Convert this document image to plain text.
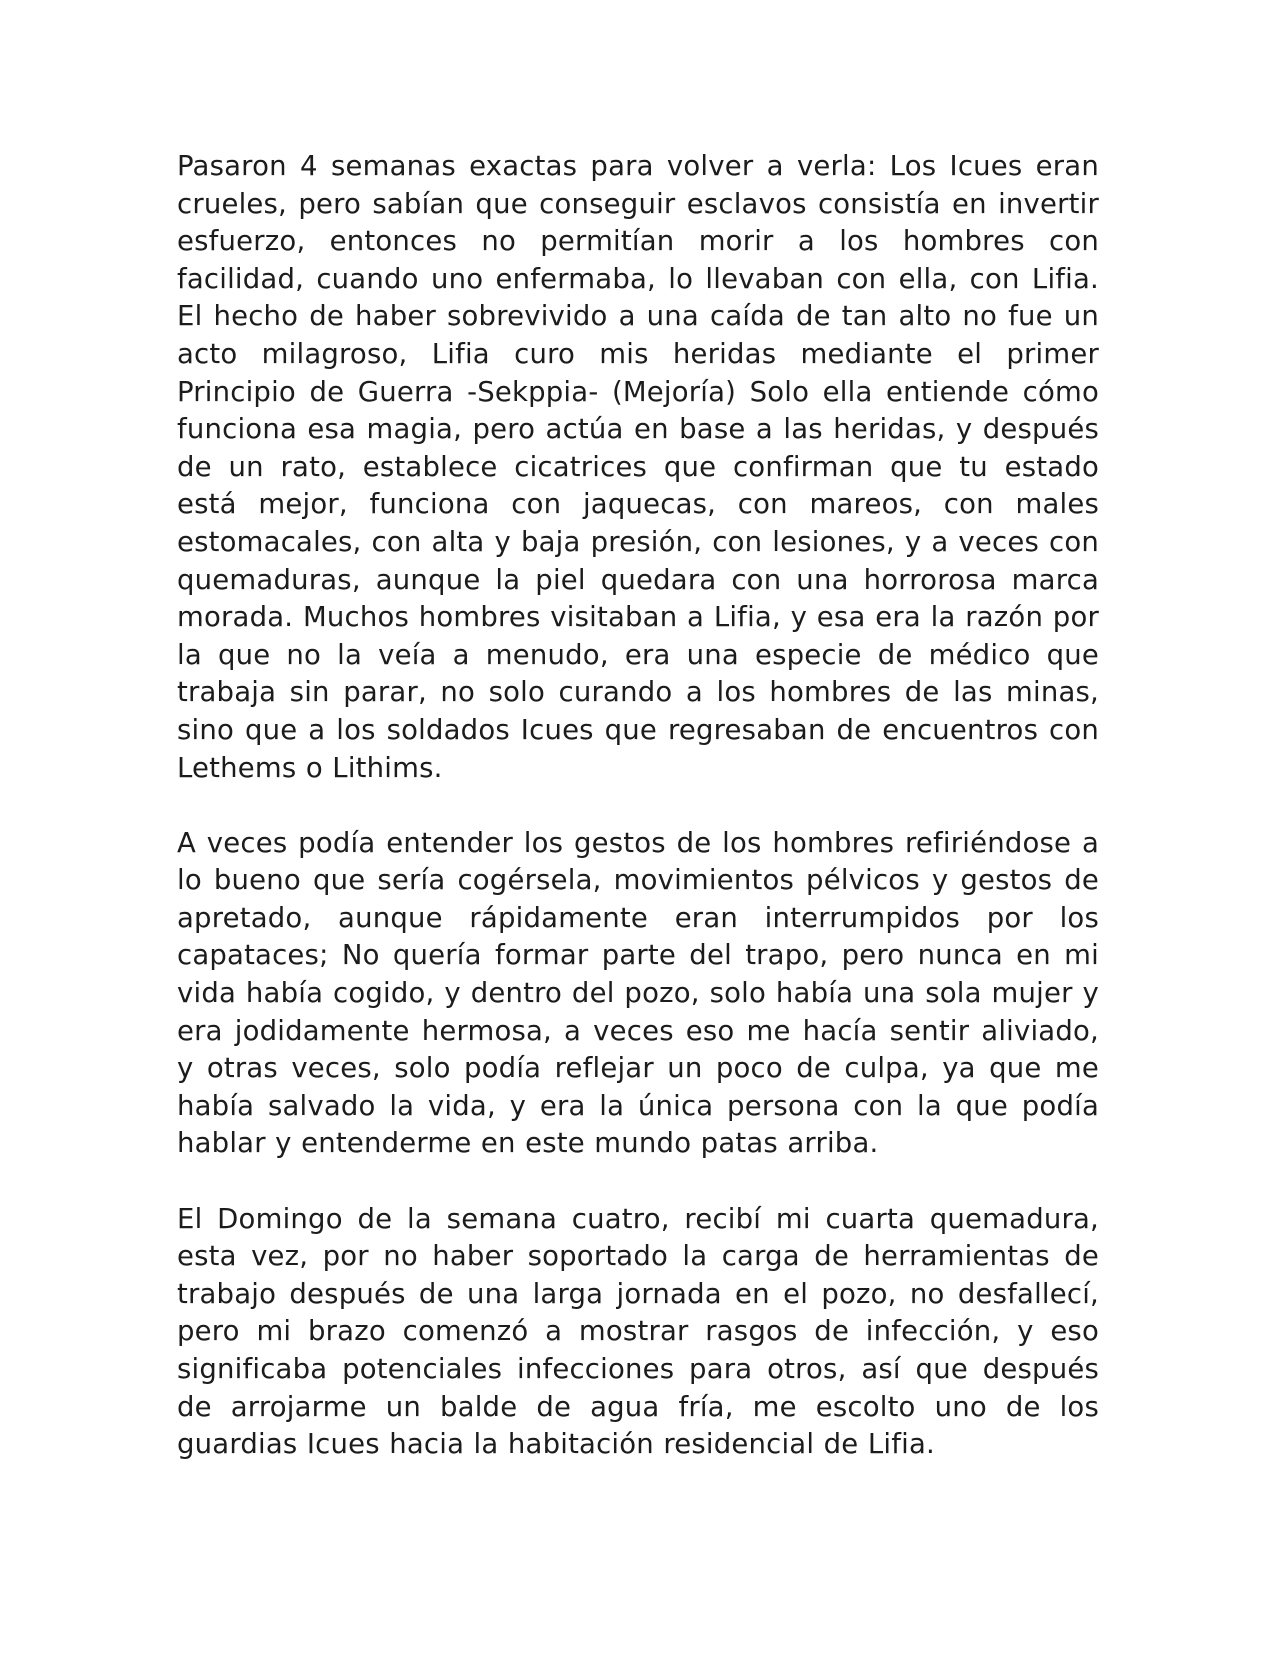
Pasaron 4 semanas exactas para volver a verla: Los Icues eran crueles, pero sabían que conseguir esclavos consistía en invertir esfuerzo, entonces no permitían morir a los hombres con facilidad, cuando uno enfermaba, lo llevaban con ella, con Lifia. El hecho de haber sobrevivido a una caída de tan alto no fue un acto milagroso, Lifia curo mis heridas mediante el primer Principio de Guerra -Sekppia- (Mejoría) Solo ella entiende cómo funciona esa magia, pero actúa en base a las heridas, y después de un rato, establece cicatrices que confirman que tu estado está mejor, funciona con jaquecas, con mareos, con males estomacales, con alta y baja presión, con lesiones, y a veces con quemaduras, aunque la piel quedara con una horrorosa marca morada. Muchos hombres visitaban a Lifia, y esa era la razón por la que no la veía a menudo, era una especie de médico que trabaja sin parar, no solo curando a los hombres de las minas, sino que a los soldados Icues que regresaban de encuentros con Lethems o Lithims.

A veces podía entender los gestos de los hombres refiriéndose a lo bueno que sería cogérsela, movimientos pélvicos y gestos de apretado, aunque rápidamente eran interrumpidos por los capataces; No quería formar parte del trapo, pero nunca en mi vida había cogido, y dentro del pozo, solo había una sola mujer y era jodidamente hermosa, a veces eso me hacía sentir aliviado, y otras veces, solo podía reflejar un poco de culpa, ya que me había salvado la vida, y era la única persona con la que podía hablar y entenderme en este mundo patas arriba.

El Domingo de la semana cuatro, recibí mi cuarta quemadura, esta vez, por no haber soportado la carga de herramientas de trabajo después de una larga jornada en el pozo, no desfallecí, pero mi brazo comenzó a mostrar rasgos de infección, y eso significaba potenciales infecciones para otros, así que después de arrojarme un balde de agua fría, me escolto uno de los guardias Icues hacia la habitación residencial de Lifia.
